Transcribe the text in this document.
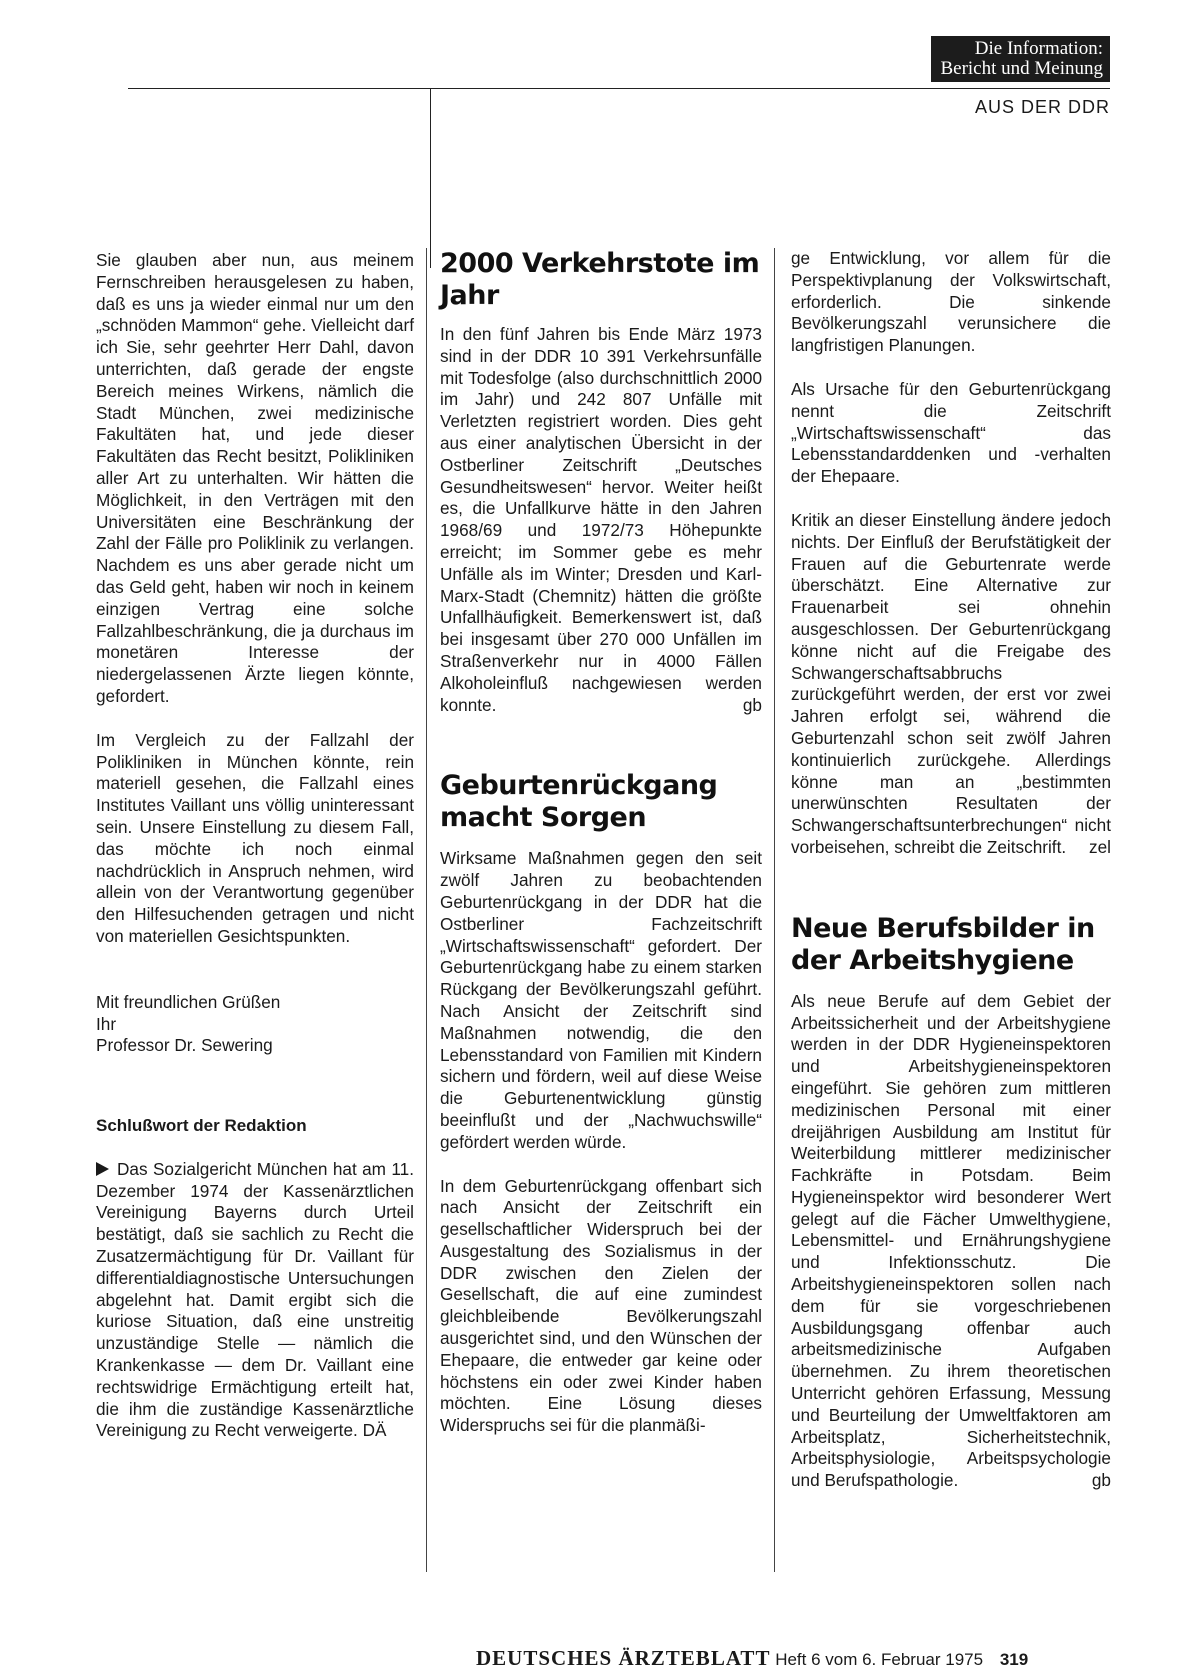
Die Information:
Bericht und Meinung
AUS DER DDR

Sie glauben aber nun, aus meinem Fernschreiben herausgelesen zu haben, daß es uns ja wieder einmal nur um den „schnöden Mammon“ gehe. Vielleicht darf ich Sie, sehr geehrter Herr Dahl, davon unterrichten, daß gerade der engste Bereich meines Wirkens, nämlich die Stadt München, zwei medizinische Fakultäten hat, und jede dieser Fakultäten das Recht besitzt, Polikliniken aller Art zu unterhalten. Wir hätten die Möglichkeit, in den Verträgen mit den Universitäten eine Beschränkung der Zahl der Fälle pro Poliklinik zu verlangen. Nachdem es uns aber gerade nicht um das Geld geht, haben wir noch in keinem einzigen Vertrag eine solche Fallzahlbeschränkung, die ja durchaus im monetären Interesse der niedergelassenen Ärzte liegen könnte, gefordert.

Im Vergleich zu der Fallzahl der Polikliniken in München könnte, rein materiell gesehen, die Fallzahl eines Institutes Vaillant uns völlig uninteressant sein. Unsere Einstellung zu diesem Fall, das möchte ich noch einmal nachdrücklich in Anspruch nehmen, wird allein von der Verantwortung gegenüber den Hilfesuchenden getragen und nicht von materiellen Gesichtspunkten.

Mit freundlichen Grüßen
Ihr
Professor Dr. Sewering
Schlußwort der Redaktion

Das Sozialgericht München hat am 11. Dezember 1974 der Kassenärztlichen Vereinigung Bayerns durch Urteil bestätigt, daß sie sachlich zu Recht die Zusatzermächtigung für Dr. Vaillant für differentialdiagnostische Untersuchungen abgelehnt hat. Damit ergibt sich die kuriose Situation, daß eine unstreitig unzuständige Stelle — nämlich die Krankenkasse — dem Dr. Vaillant eine rechtswidrige Ermächtigung erteilt hat, die ihm die zuständige Kassenärztliche Vereinigung zu Recht verweigerte. DÄ

2000 Verkehrstote im Jahr

In den fünf Jahren bis Ende März 1973 sind in der DDR 10 391 Verkehrsunfälle mit Todesfolge (also durchschnittlich 2000 im Jahr) und 242 807 Unfälle mit Verletzten registriert worden. Dies geht aus einer analytischen Übersicht in der Ostberliner Zeitschrift „Deutsches Gesundheitswesen“ hervor. Weiter heißt es, die Unfallkurve hätte in den Jahren 1968/69 und 1972/73 Höhepunkte erreicht; im Sommer gebe es mehr Unfälle als im Winter; Dresden und Karl-Marx-Stadt (Chemnitz) hätten die größte Unfallhäufigkeit. Bemerkenswert ist, daß bei insgesamt über 270 000 Unfällen im Straßenverkehr nur in 4000 Fällen Alkoholeinfluß nachgewiesen werden konnte.	gb

Geburtenrückgang macht Sorgen

Wirksame Maßnahmen gegen den seit zwölf Jahren zu beobachtenden Geburtenrückgang in der DDR hat die Ostberliner Fachzeitschrift „Wirtschaftswissenschaft“ gefordert. Der Geburtenrückgang habe zu einem starken Rückgang der Bevölkerungszahl geführt. Nach Ansicht der Zeitschrift sind Maßnahmen notwendig, die den Lebensstandard von Familien mit Kindern sichern und fördern, weil auf diese Weise die Geburtenentwicklung günstig beeinflußt und der „Nachwuchswille“ gefördert werden würde.

In dem Geburtenrückgang offenbart sich nach Ansicht der Zeitschrift ein gesellschaftlicher Widerspruch bei der Ausgestaltung des Sozialismus in der DDR zwischen den Zielen der Gesellschaft, die auf eine zumindest gleichbleibende Bevölkerungszahl ausgerichtet sind, und den Wünschen der Ehepaare, die entweder gar keine oder höchstens ein oder zwei Kinder haben möchten. Eine Lösung dieses Widerspruchs sei für die planmäßi-

ge Entwicklung, vor allem für die Perspektivplanung der Volkswirtschaft, erforderlich. Die sinkende Bevölkerungszahl verunsichere die langfristigen Planungen.

Als Ursache für den Geburtenrückgang nennt die Zeitschrift „Wirtschaftswissenschaft“ das Lebensstandarddenken und -verhalten der Ehepaare.

Kritik an dieser Einstellung ändere jedoch nichts. Der Einfluß der Berufstätigkeit der Frauen auf die Geburtenrate werde überschätzt. Eine Alternative zur Frauenarbeit sei ohnehin ausgeschlossen. Der Geburtenrückgang könne nicht auf die Freigabe des Schwangerschaftsabbruchs zurückgeführt werden, der erst vor zwei Jahren erfolgt sei, während die Geburtenzahl schon seit zwölf Jahren kontinuierlich zurückgehe. Allerdings könne man an „bestimmten unerwünschten Resultaten der Schwangerschaftsunterbrechungen“ nicht vorbeisehen, schreibt die Zeitschrift. zel

Neue Berufsbilder in der Arbeitshygiene

Als neue Berufe auf dem Gebiet der Arbeitssicherheit und der Arbeitshygiene werden in der DDR Hygieneinspektoren und Arbeitshygieneinspektoren eingeführt. Sie gehören zum mittleren medizinischen Personal mit einer dreijährigen Ausbildung am Institut für Weiterbildung mittlerer medizinischer Fachkräfte in Potsdam. Beim Hygieneinspektor wird besonderer Wert gelegt auf die Fächer Umwelthygiene, Lebensmittel- und Ernährungshygiene und Infektionsschutz. Die Arbeitshygieneinspektoren sollen nach dem für sie vorgeschriebenen Ausbildungsgang offenbar auch arbeitsmedizinische Aufgaben übernehmen. Zu ihrem theoretischen Unterricht gehören Erfassung, Messung und Beurteilung der Umweltfaktoren am Arbeitsplatz, Sicherheitstechnik, Arbeitsphysiologie, Arbeitspsychologie und Berufspathologie.	gb

DEUTSCHES ÄRZTEBLATT Heft 6 vom 6. Februar 1975 319
